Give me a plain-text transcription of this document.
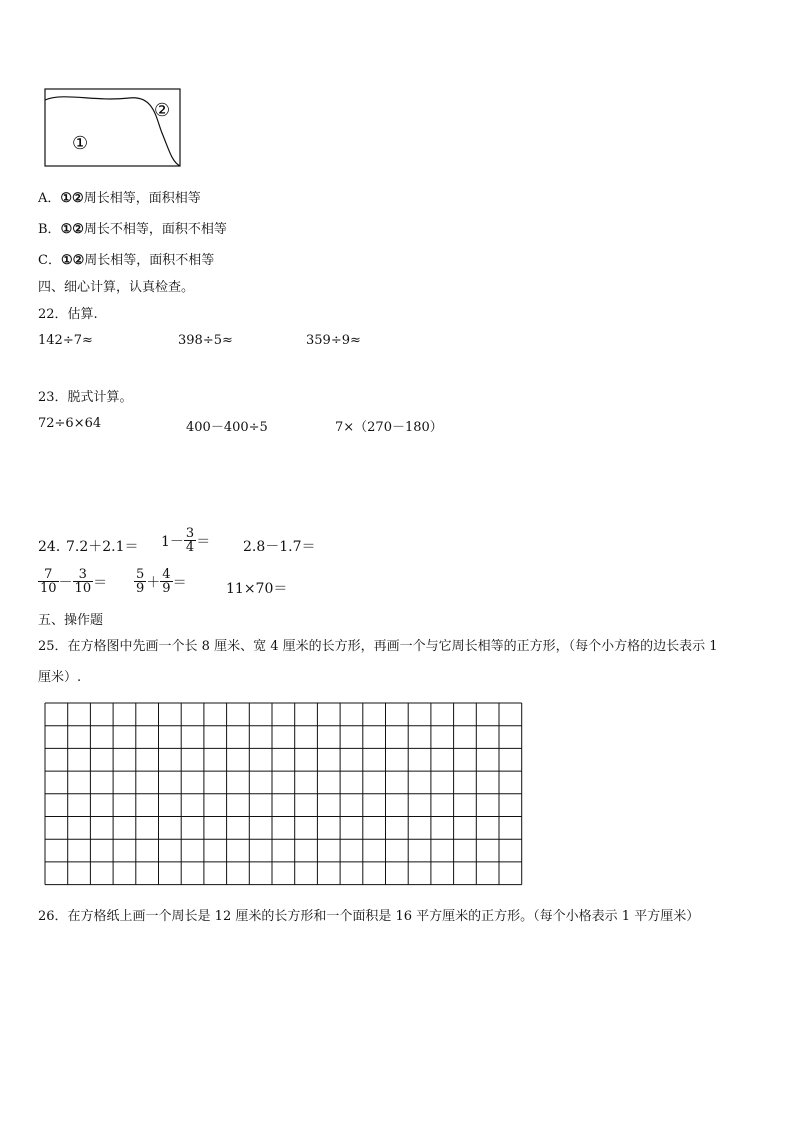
①
②
A．①②周长相等，面积相等
B．①②周长不相等，面积不相等
C．①②周长相等，面积不相等
四、细心计算，认真检查。
22．估算.
142÷7≈	398÷5≈	359÷9≈
23．脱式计算。
72÷6×64	400－400÷5	7×（270－180）
24．
$7.2+2.1= 1- \frac{3}{4} = 2.8-1.7=$
$\frac{7}{10} - \frac{3}{10} = \frac{5}{9} + \frac{4}{9}$ ＝	11×70＝
五、操作题
25．在方格图中先画一个长 8 厘米、宽 4 厘米的长方形，再画一个与它周长相等的正方形，（每个小方格的边长表示 1
厘米）.
26．在方格纸上画一个周长是 12 厘米的长方形和一个面积是 16 平方厘米的正方形。（每个小格表示 1 平方厘米）
